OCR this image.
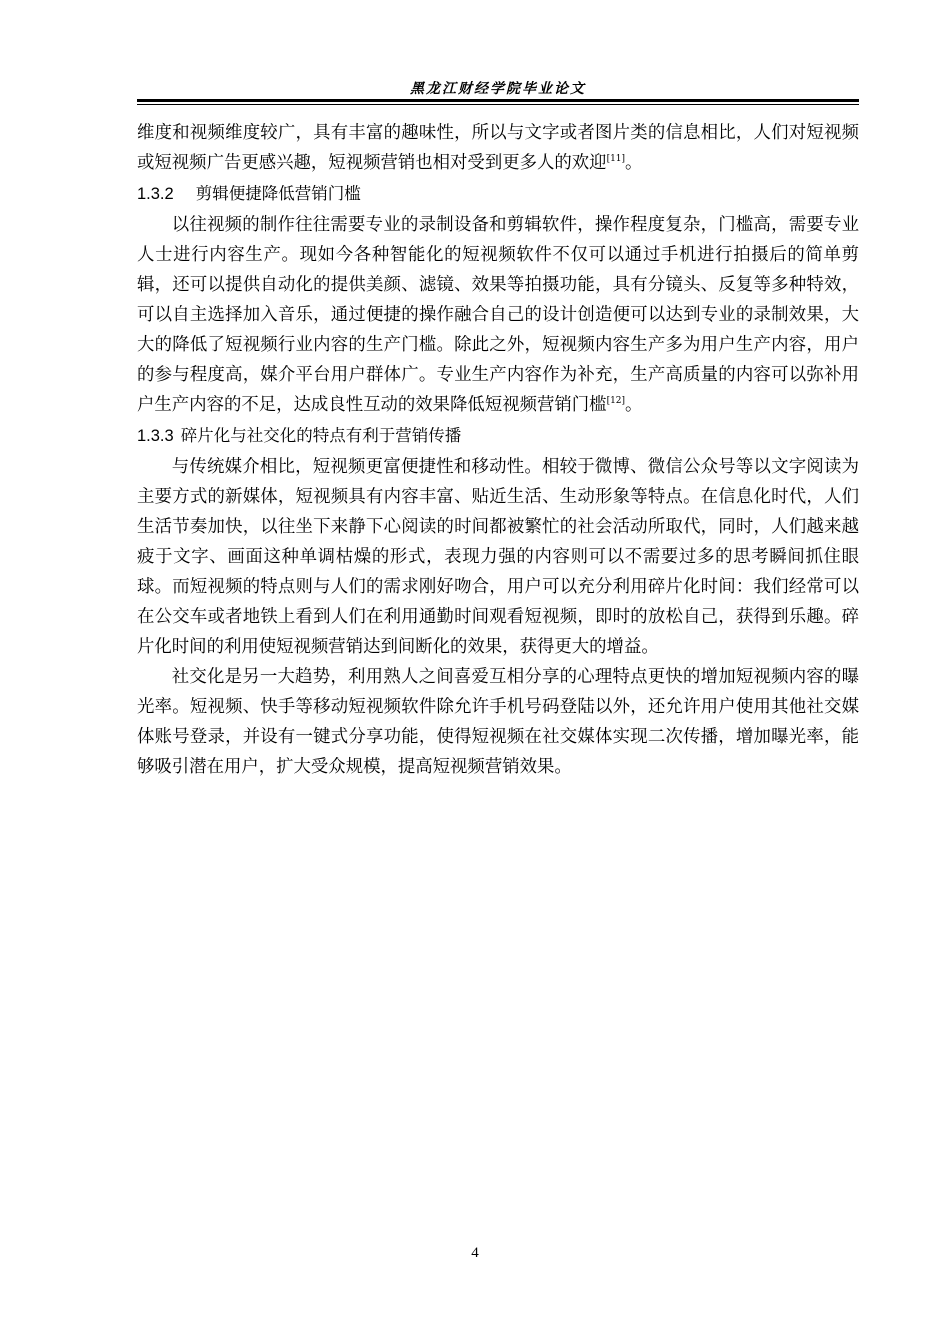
黑龙江财经学院毕业论文

维度和视频维度较广，具有丰富的趣味性，所以与文字或者图片类的信息相比，人们对短视频或短视频广告更感兴趣，短视频营销也相对受到更多人的欢迎[11]。

1.3.2 剪辑便捷降低营销门槛

以往视频的制作往往需要专业的录制设备和剪辑软件，操作程度复杂，门槛高，需要专业人士进行内容生产。现如今各种智能化的短视频软件不仅可以通过手机进行拍摄后的简单剪辑，还可以提供自动化的提供美颜、滤镜、效果等拍摄功能，具有分镜头、反复等多种特效，可以自主选择加入音乐，通过便捷的操作融合自己的设计创造便可以达到专业的录制效果，大大的降低了短视频行业内容的生产门槛。除此之外，短视频内容生产多为用户生产内容，用户的参与程度高，媒介平台用户群体广。专业生产内容作为补充，生产高质量的内容可以弥补用户生产内容的不足，达成良性互动的效果降低短视频营销门槛[12]。

1.3.3 碎片化与社交化的特点有利于营销传播

与传统媒介相比，短视频更富便捷性和移动性。相较于微博、微信公众号等以文字阅读为主要方式的新媒体，短视频具有内容丰富、贴近生活、生动形象等特点。在信息化时代，人们生活节奏加快，以往坐下来静下心阅读的时间都被繁忙的社会活动所取代，同时，人们越来越疲于文字、画面这种单调枯燥的形式，表现力强的内容则可以不需要过多的思考瞬间抓住眼球。而短视频的特点则与人们的需求刚好吻合，用户可以充分利用碎片化时间：我们经常可以在公交车或者地铁上看到人们在利用通勤时间观看短视频，即时的放松自己，获得到乐趣。碎片化时间的利用使短视频营销达到间断化的效果，获得更大的增益。

社交化是另一大趋势，利用熟人之间喜爱互相分享的心理特点更快的增加短视频内容的曝光率。短视频、快手等移动短视频软件除允许手机号码登陆以外，还允许用户使用其他社交媒体账号登录，并设有一键式分享功能，使得短视频在社交媒体实现二次传播，增加曝光率，能够吸引潜在用户，扩大受众规模，提高短视频营销效果。

4
